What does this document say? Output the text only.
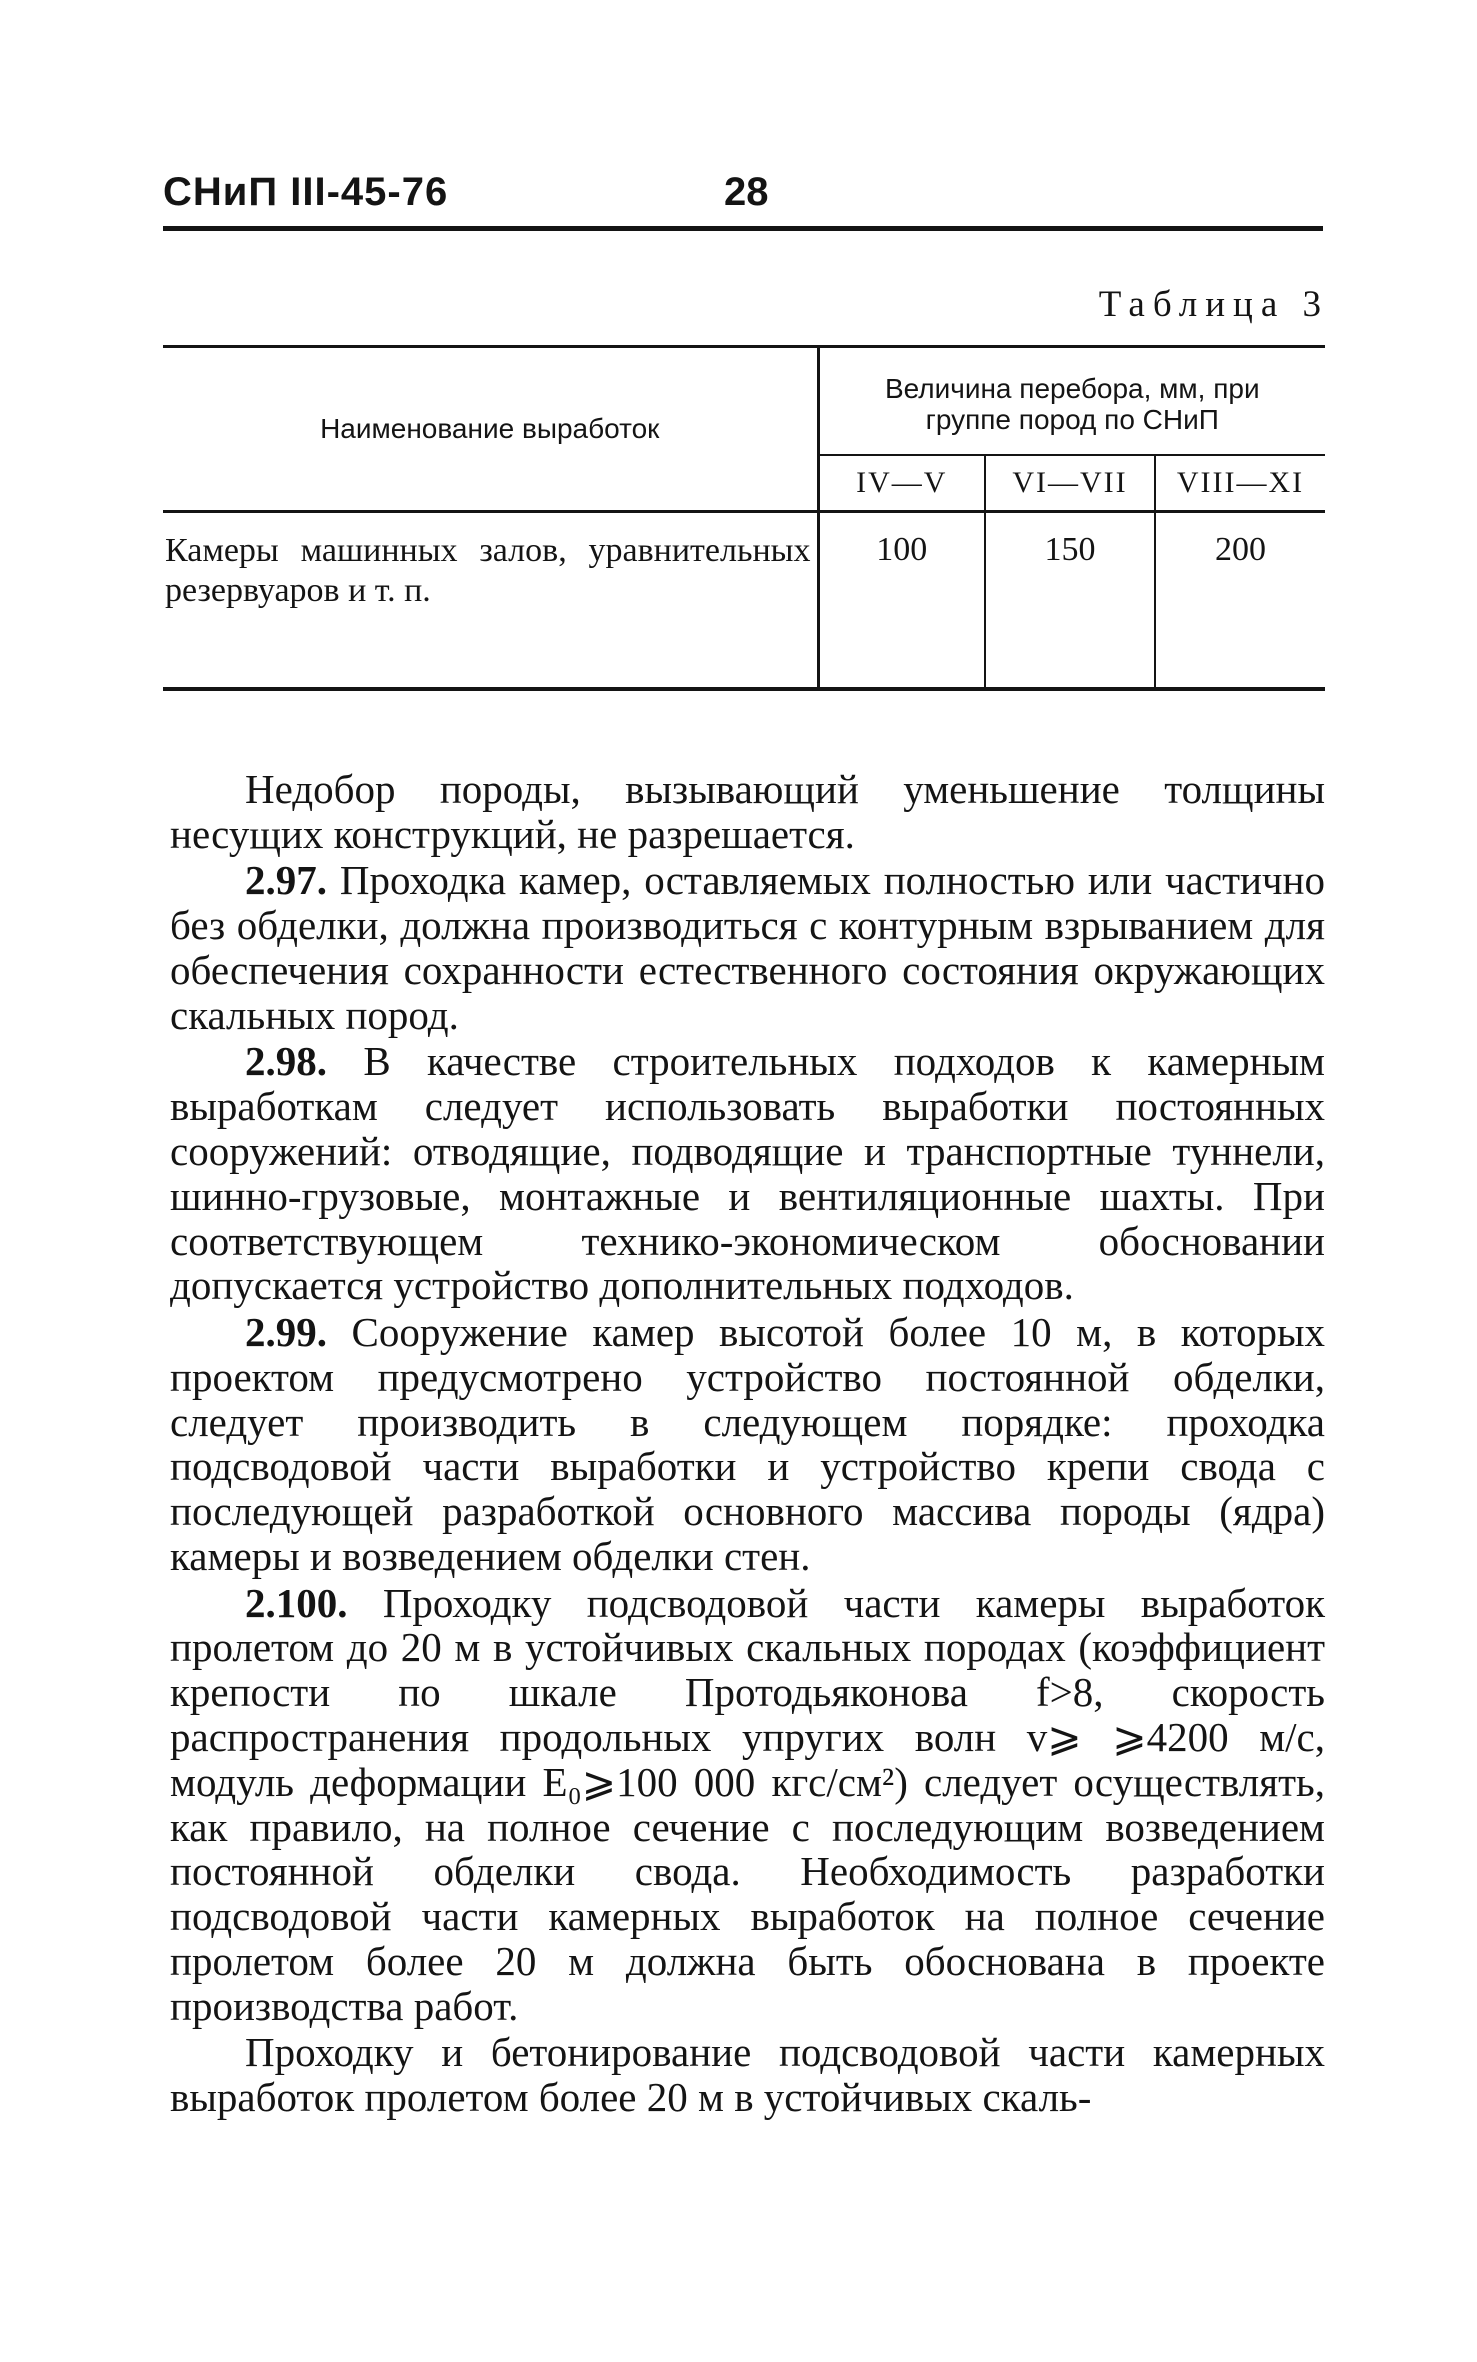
СНиП III-45-76	28
Таблица 3
Наименование выработок	Величина перебора, мм, при
группе пород по СНиП		

	IV—V	VI—VII	VIII—XI
Камеры машинных залов, уравнительных резервуаров и т. п.	100	150	200

Недобор породы, вызывающий уменьшение толщины несущих конструкций, не разрешается.

2.97. Проходка камер, оставляемых полностью или частично без обделки, должна производиться с контурным взрыванием для обеспечения сохранности естественного состояния окружающих скальных пород.

2.98. В качестве строительных подходов к камерным выработкам следует использовать выработки постоянных сооружений: отводящие, подводящие и транспортные туннели, шинно-грузовые, монтажные и вентиляционные шахты. При соответствующем технико-экономическом обосновании допускается устройство дополнительных подходов.

2.99. Сооружение камер высотой более 10 м, в которых проектом предусмотрено устройство постоянной обделки, следует производить в следующем порядке: проходка подсводовой части выработки и устройство крепи свода с последующей разработкой основного массива породы (ядра) камеры и возведением обделки стен.

2.100. Проходку подсводовой части камеры выработок пролетом до 20 м в устойчивых скальных породах (коэффициент крепости по шкале Протодьяконова f>8, скорость распространения продольных упругих волн v⩾ ⩾4200 м/с, модуль деформации E₀⩾100 000 кгс/см²) следует осуществлять, как правило, на полное сечение с последующим возведением постоянной обделки свода. Необходимость разработки подсводовой части камерных выработок на полное сечение пролетом более 20 м должна быть обоснована в проекте производства работ.

Проходку и бетонирование подсводовой части камерных выработок пролетом более 20 м в устойчивых скаль-
